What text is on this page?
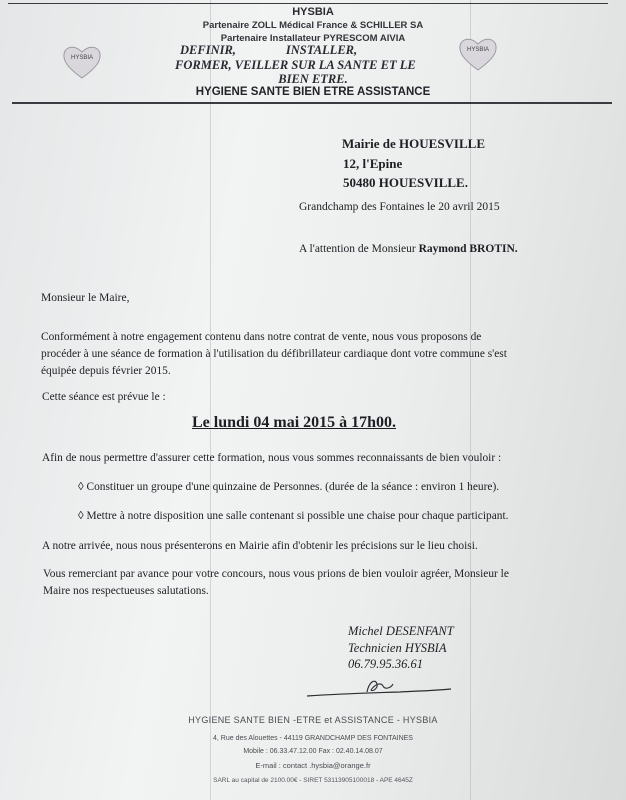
HYSBIA
HYSBIA
HYSBIA
Partenaire ZOLL Médical France & SCHILLER SA
Partenaire Installateur PYRESCOM AIVIA
DEFINIR,                INSTALLER,
FORMER, VEILLER SUR LA SANTE ET LE
BIEN ETRE.
HYGIENE SANTE BIEN ETRE ASSISTANCE
Mairie de HOUESVILLE
12, l'Epine
50480 HOUESVILLE.
Grandchamp des Fontaines le 20 avril 2015
A l'attention de Monsieur Raymond BROTIN.
Monsieur le Maire,
Conformément à notre engagement contenu dans notre contrat de vente, nous vous proposons de
procéder à une séance de formation à l'utilisation du défibrillateur cardiaque dont votre commune s'est
équipée depuis février 2015.
Cette séance est prévue le :
Le lundi 04 mai 2015 à 17h00.
Afin de nous permettre d'assurer cette formation, nous vous sommes reconnaissants de bien vouloir :
◊ Constituer un groupe d'une quinzaine de Personnes. (durée de la séance : environ 1 heure).
◊ Mettre à notre disposition une salle contenant si possible une chaise pour chaque participant.
A notre arrivée, nous nous présenterons en Mairie afin d'obtenir les précisions sur le lieu choisi.
Vous remerciant par avance pour votre concours, nous vous prions de bien vouloir agréer, Monsieur le
Maire nos respectueuses salutations.
Michel DESENFANT
Technicien HYSBIA
06.79.95.36.61
HYGIENE SANTE BIEN -ETRE et ASSISTANCE - HYSBIA
4, Rue des Alouettes - 44119 GRANDCHAMP DES FONTAINES
Mobile : 06.33.47.12.00 Fax : 02.40.14.08.07
E-mail : contact .hysbia@orange.fr
SARL au capital de 2100.00€ - SIRET 53113905100018 - APE 4645Z
